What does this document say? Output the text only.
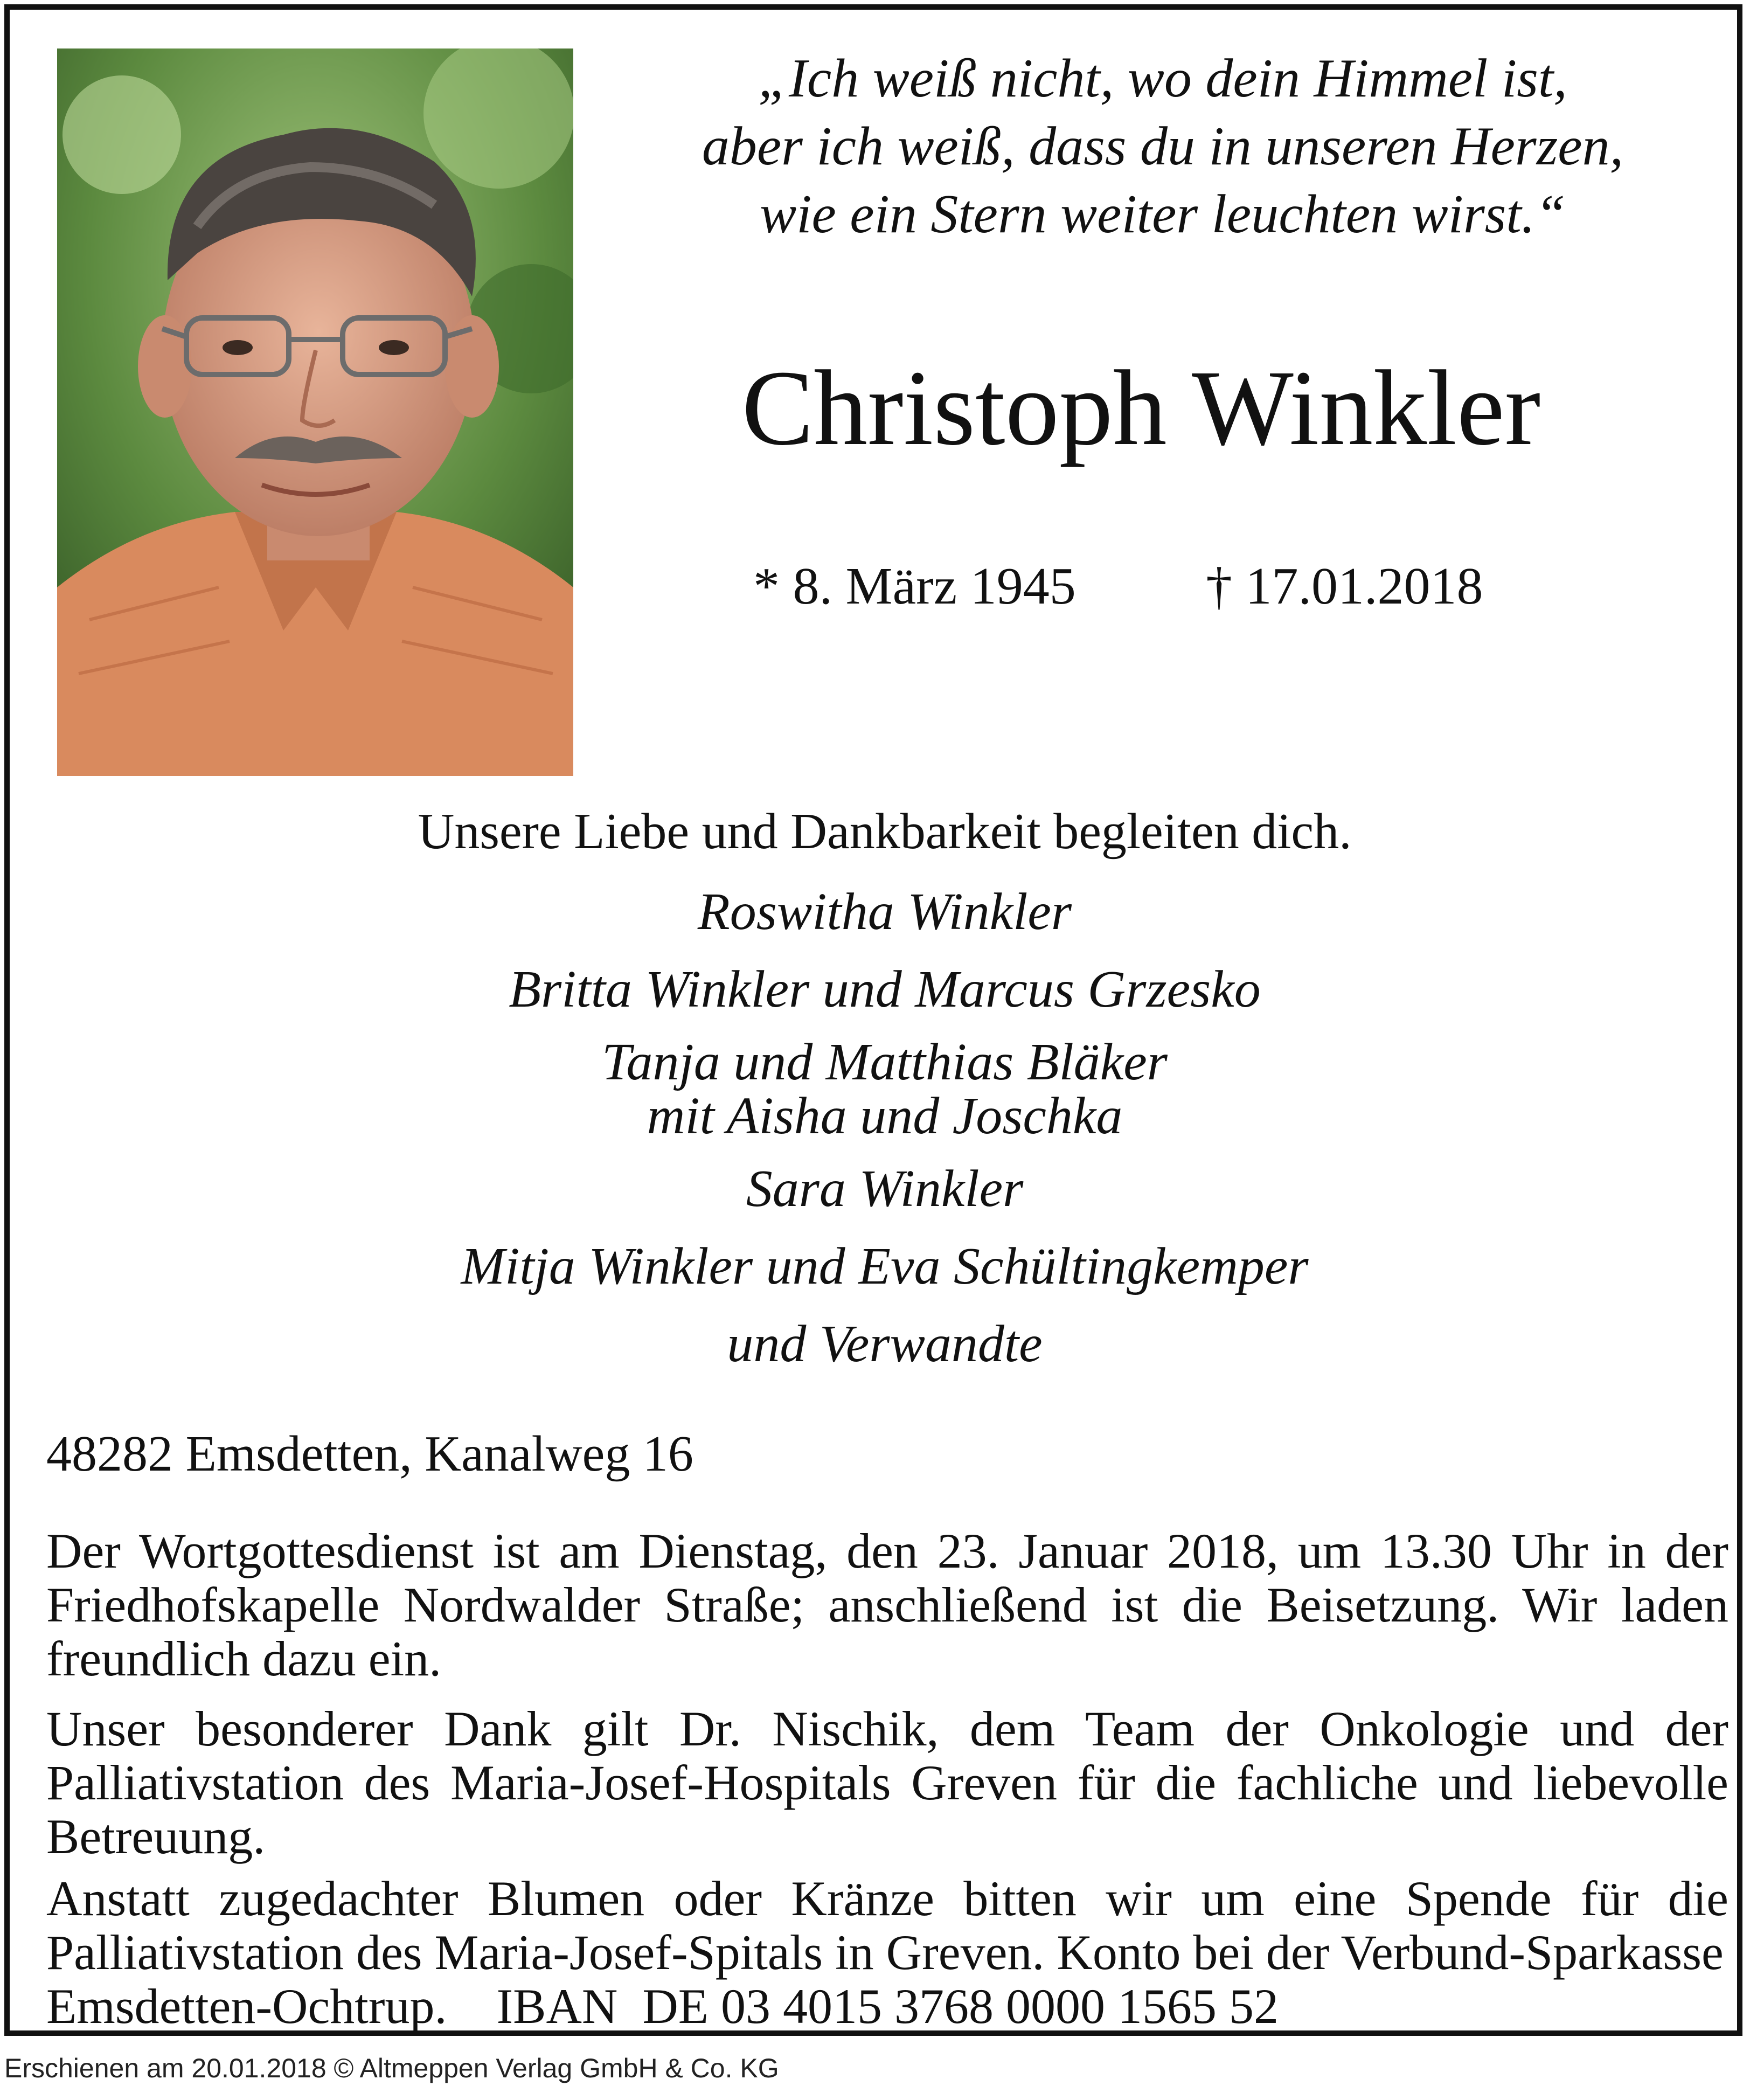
„Ich weiß nicht, wo dein Himmel ist,
aber ich weiß, dass du in unseren Herzen,
wie ein Stern weiter leuchten wirst.“
Christoph Winkler
* 8. März 1945 † 17.01.2018
Unsere Liebe und Dankbarkeit begleiten dich.
Roswitha Winkler
Britta Winkler und Marcus Grzesko
Tanja und Matthias Bläker
mit Aisha und Joschka
Sara Winkler
Mitja Winkler und Eva Schültingkemper
und Verwandte
48282 Emsdetten, Kanalweg 16
Der Wortgottesdienst ist am Dienstag, den 23. Januar 2018, um 13.30 Uhr in der Friedhofskapelle Nordwalder Straße; anschließend ist die Beisetzung. Wir laden freundlich dazu ein.
Unser besonderer Dank gilt Dr. Nischik, dem Team der Onkologie und der Palliativstation des Maria-Josef-Hospitals Greven für die fachliche und liebevolle Betreuung.
Anstatt zugedachter Blumen oder Kränze bitten wir um eine Spende für die Palliativstation des Maria-Josef-Spitals in Greven. Konto bei der Verbund-Sparkasse
Emsdetten-Ochtrup. IBAN  DE 03 4015 3768 0000 1565 52
Erschienen am 20.01.2018 © Altmeppen Verlag GmbH & Co. KG
